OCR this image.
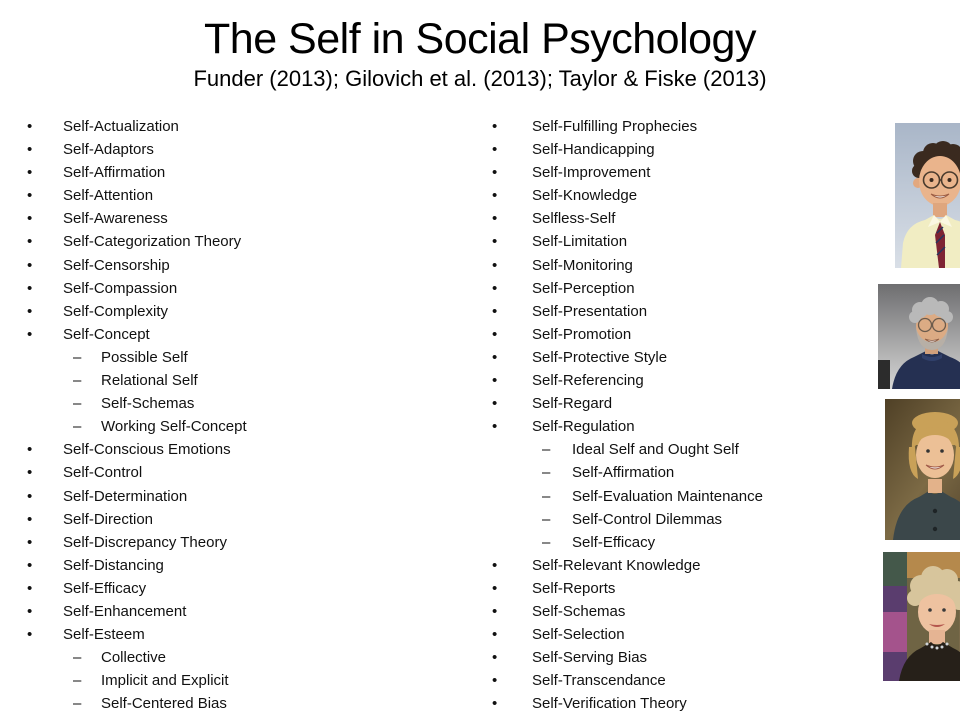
The Self in Social Psychology
Funder (2013); Gilovich et al. (2013); Taylor & Fiske (2013)
•	Self-Actualization
•	Self-Adaptors
•	Self-Affirmation
•	Self-Attention
•	Self-Awareness
•	Self-Categorization Theory
•	Self-Censorship
•	Self-Compassion
•	Self-Complexity
•	Self-Concept
–	Possible Self
–	Relational Self
–	Self-Schemas
–	Working Self-Concept
•	Self-Conscious Emotions
•	Self-Control
•	Self-Determination
•	Self-Direction
•	Self-Discrepancy Theory
•	Self-Distancing
•	Self-Efficacy
•	Self-Enhancement
•	Self-Esteem
–	Collective
–	Implicit and Explicit
–	Self-Centered Bias
•	Self-Fulfilling Prophecies
•	Self-Handicapping
•	Self-Improvement
•	Self-Knowledge
•	Selfless-Self
•	Self-Limitation
•	Self-Monitoring
•	Self-Perception
•	Self-Presentation
•	Self-Promotion
•	Self-Protective Style
•	Self-Referencing
•	Self-Regard
•	Self-Regulation
–	Ideal Self and Ought Self
–	Self-Affirmation
–	Self-Evaluation Maintenance
–	Self-Control Dilemmas
–	Self-Efficacy
•	Self-Relevant Knowledge
•	Self-Reports
•	Self-Schemas
•	Self-Selection
•	Self-Serving Bias
•	Self-Transcendance
•	Self-Verification Theory
